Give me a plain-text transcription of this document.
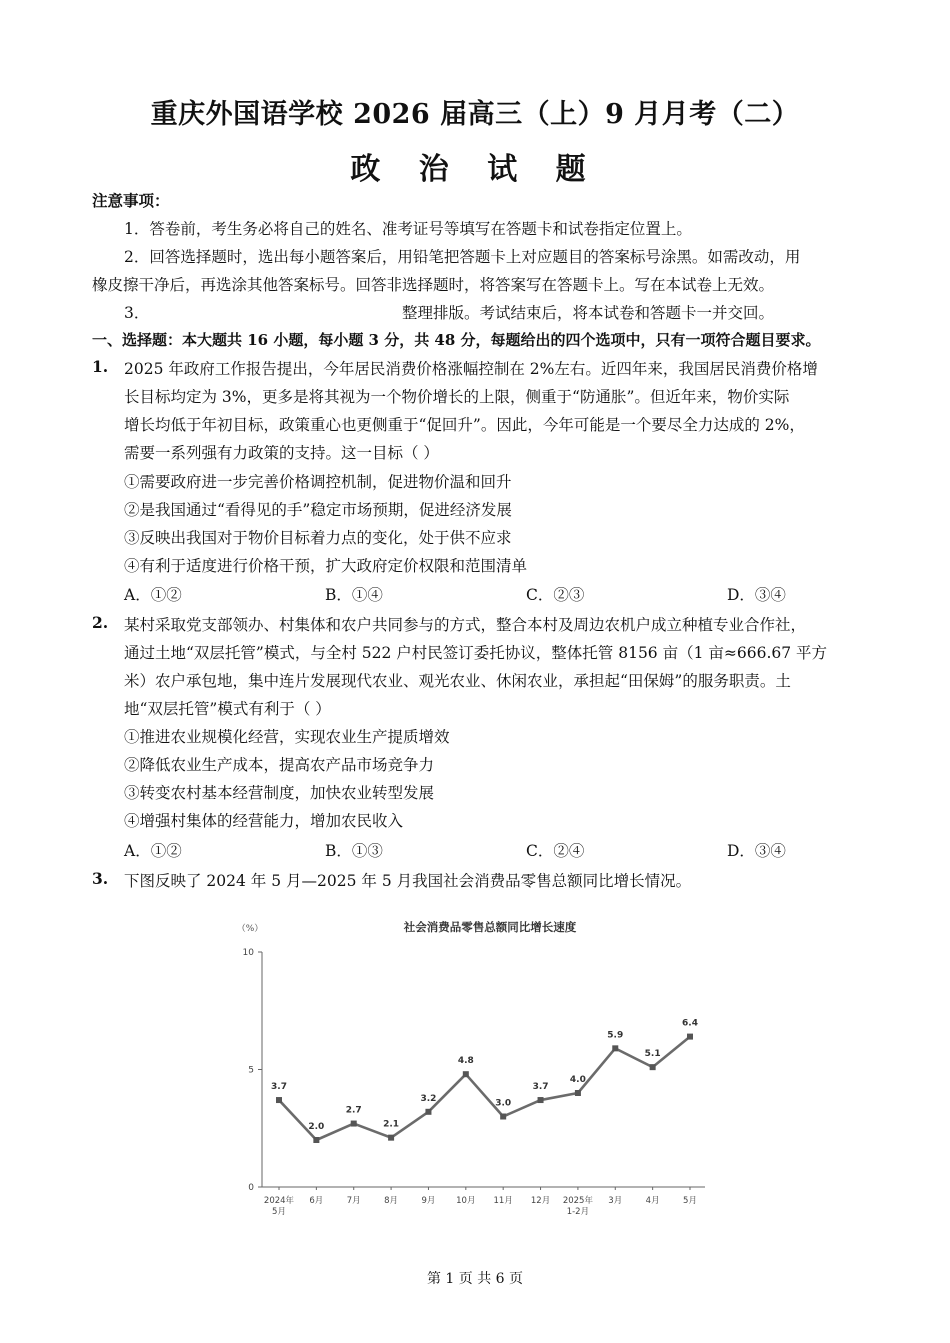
重庆外国语学校 2026 届高三（上）9 月月考（二）
政 治 试 题
注意事项：
1．答卷前，考生务必将自己的姓名、准考证号等填写在答题卡和试卷指定位置上。
2．回答选择题时，选出每小题答案后，用铅笔把答题卡上对应题目的答案标号涂黑。如需改动，用
橡皮擦干净后，再选涂其他答案标号。回答非选择题时，将答案写在答题卡上。写在本试卷上无效。
3．	整理排版。考试结束后，将本试卷和答题卡一并交回。
一、选择题：本大题共 16 小题，每小题 3 分，共 48 分，每题给出的四个选项中，只有一项符合题目要求。
1. 2025 年政府工作报告提出，今年居民消费价格涨幅控制在 2%左右。近四年来，我国居民消费价格增
长目标均定为 3%，更多是将其视为一个物价增长的上限，侧重于“防通胀”。但近年来，物价实际
增长均低于年初目标，政策重心也更侧重于“促回升”。因此，今年可能是一个要尽全力达成的 2%，
需要一系列强有力政策的支持。这一目标（ ）
①需要政府进一步完善价格调控机制，促进物价温和回升
②是我国通过“看得见的手”稳定市场预期，促进经济发展
③反映出我国对于物价目标着力点的变化，处于供不应求
④有利于适度进行价格干预，扩大政府定价权限和范围清单
A．①②	B．①④	C．②③	D．③④
2. 某村采取党支部领办、村集体和农户共同参与的方式，整合本村及周边农机户成立种植专业合作社，
通过土地“双层托管”模式，与全村 522 户村民签订委托协议，整体托管 8156 亩（1 亩≈666.67 平方
米）农户承包地，集中连片发展现代农业、观光农业、休闲农业，承担起“田保姆”的服务职责。土
地“双层托管”模式有利于（ ）
①推进农业规模化经营，实现农业生产提质增效
②降低农业生产成本，提高农产品市场竞争力
③转变农村基本经营制度，加快农业转型发展
④增强村集体的经营能力，增加农民收入
A．①②	B．①③	C．②④	D．③④
3. 下图反映了 2024 年 5 月—2025 年 5 月我国社会消费品零售总额同比增长情况。
社会消费品零售总额同比增长速度
（%）
0
5
10
2024年
5月
6月	7月	8月	9月 10月 11月 12月 2025年
1-2月
3月	4月	5月
3.7
2.0
2.7
2.1
3.2
4.8
3.0
3.7
4.0
5.9
5.1
6.4
第 1 页 共 6 页
